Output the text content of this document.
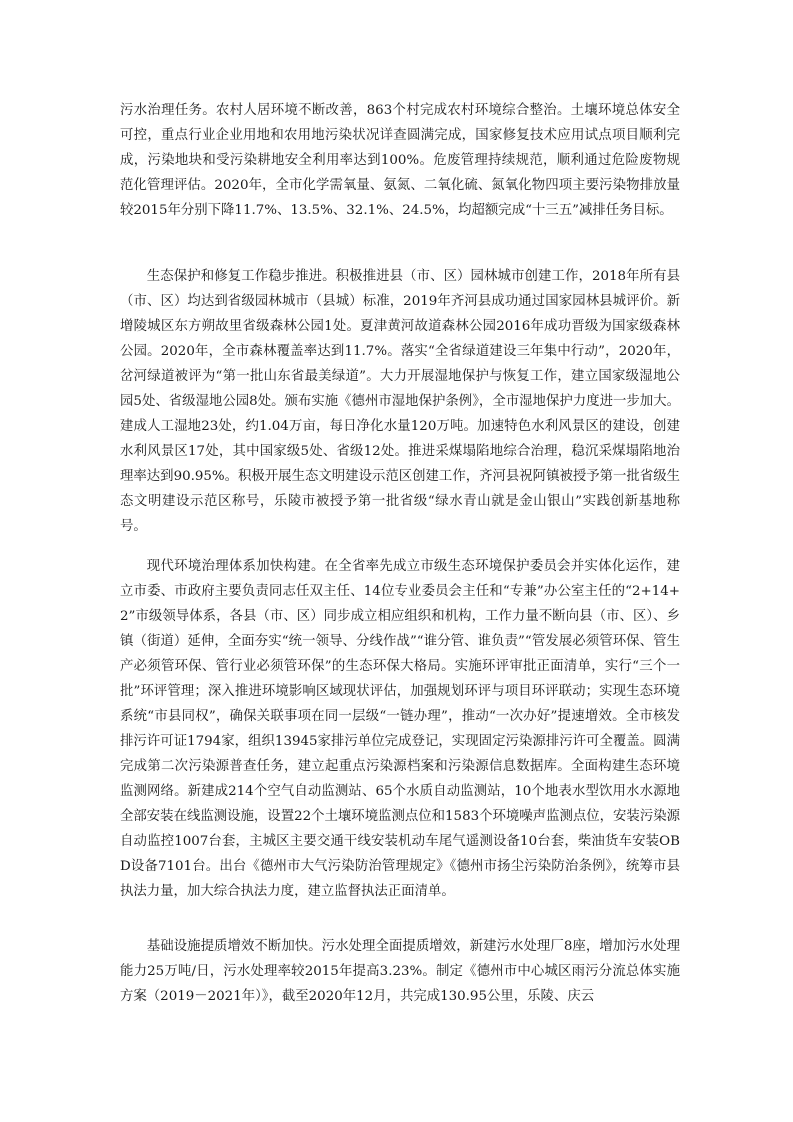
污水治理任务。农村人居环境不断改善，863个村完成农村环境综合整治。土壤环境总体安全可控，重点行业企业用地和农用地污染状况详查圆满完成，国家修复技术应用试点项目顺利完成，污染地块和受污染耕地安全利用率达到100%。危废管理持续规范，顺利通过危险废物规范化管理评估。2020年，全市化学需氧量、氨氮、二氧化硫、氮氧化物四项主要污染物排放量较2015年分别下降11.7%、13.5%、32.1%、24.5%，均超额完成“十三五”减排任务目标。

生态保护和修复工作稳步推进。积极推进县（市、区）园林城市创建工作，2018年所有县（市、区）均达到省级园林城市（县城）标准，2019年齐河县成功通过国家园林县城评价。新增陵城区东方朔故里省级森林公园1处。夏津黄河故道森林公园2016年成功晋级为国家级森林公园。2020年，全市森林覆盖率达到11.7%。落实“全省绿道建设三年集中行动”，2020年，岔河绿道被评为“第一批山东省最美绿道”。大力开展湿地保护与恢复工作，建立国家级湿地公园5处、省级湿地公园8处。颁布实施《德州市湿地保护条例》，全市湿地保护力度进一步加大。建成人工湿地23处，约1.04万亩，每日净化水量120万吨。加速特色水利风景区的建设，创建水利风景区17处，其中国家级5处、省级12处。推进采煤塌陷地综合治理，稳沉采煤塌陷地治理率达到90.95%。积极开展生态文明建设示范区创建工作，齐河县祝阿镇被授予第一批省级生态文明建设示范区称号，乐陵市被授予第一批省级“绿水青山就是金山银山”实践创新基地称号。

现代环境治理体系加快构建。在全省率先成立市级生态环境保护委员会并实体化运作，建立市委、市政府主要负责同志任双主任、14位专业委员会主任和“专兼”办公室主任的“2+14+2”市级领导体系，各县（市、区）同步成立相应组织和机构，工作力量不断向县（市、区）、乡镇（街道）延伸，全面夯实“统一领导、分线作战”“谁分管、谁负责”“管发展必须管环保、管生产必须管环保、管行业必须管环保”的生态环保大格局。实施环评审批正面清单，实行“三个一批”环评管理；深入推进环境影响区域现状评估，加强规划环评与项目环评联动；实现生态环境系统“市县同权”，确保关联事项在同一层级“一链办理”，推动“一次办好”提速增效。全市核发排污许可证1794家，组织13945家排污单位完成登记，实现固定污染源排污许可全覆盖。圆满完成第二次污染源普查任务，建立起重点污染源档案和污染源信息数据库。全面构建生态环境监测网络。新建成214个空气自动监测站、65个水质自动监测站，10个地表水型饮用水水源地全部安装在线监测设施，设置22个土壤环境监测点位和1583个环境噪声监测点位，安装污染源自动监控1007台套，主城区主要交通干线安装机动车尾气遥测设备10台套，柴油货车安装OBD设备7101台。出台《德州市大气污染防治管理规定》《德州市扬尘污染防治条例》，统筹市县执法力量，加大综合执法力度，建立监督执法正面清单。

基础设施提质增效不断加快。污水处理全面提质增效，新建污水处理厂8座，增加污水处理能力25万吨/日，污水处理率较2015年提高3.23%。制定《德州市中心城区雨污分流总体实施方案（2019－2021年）》，截至2020年12月，共完成130.95公里，乐陵、庆云
